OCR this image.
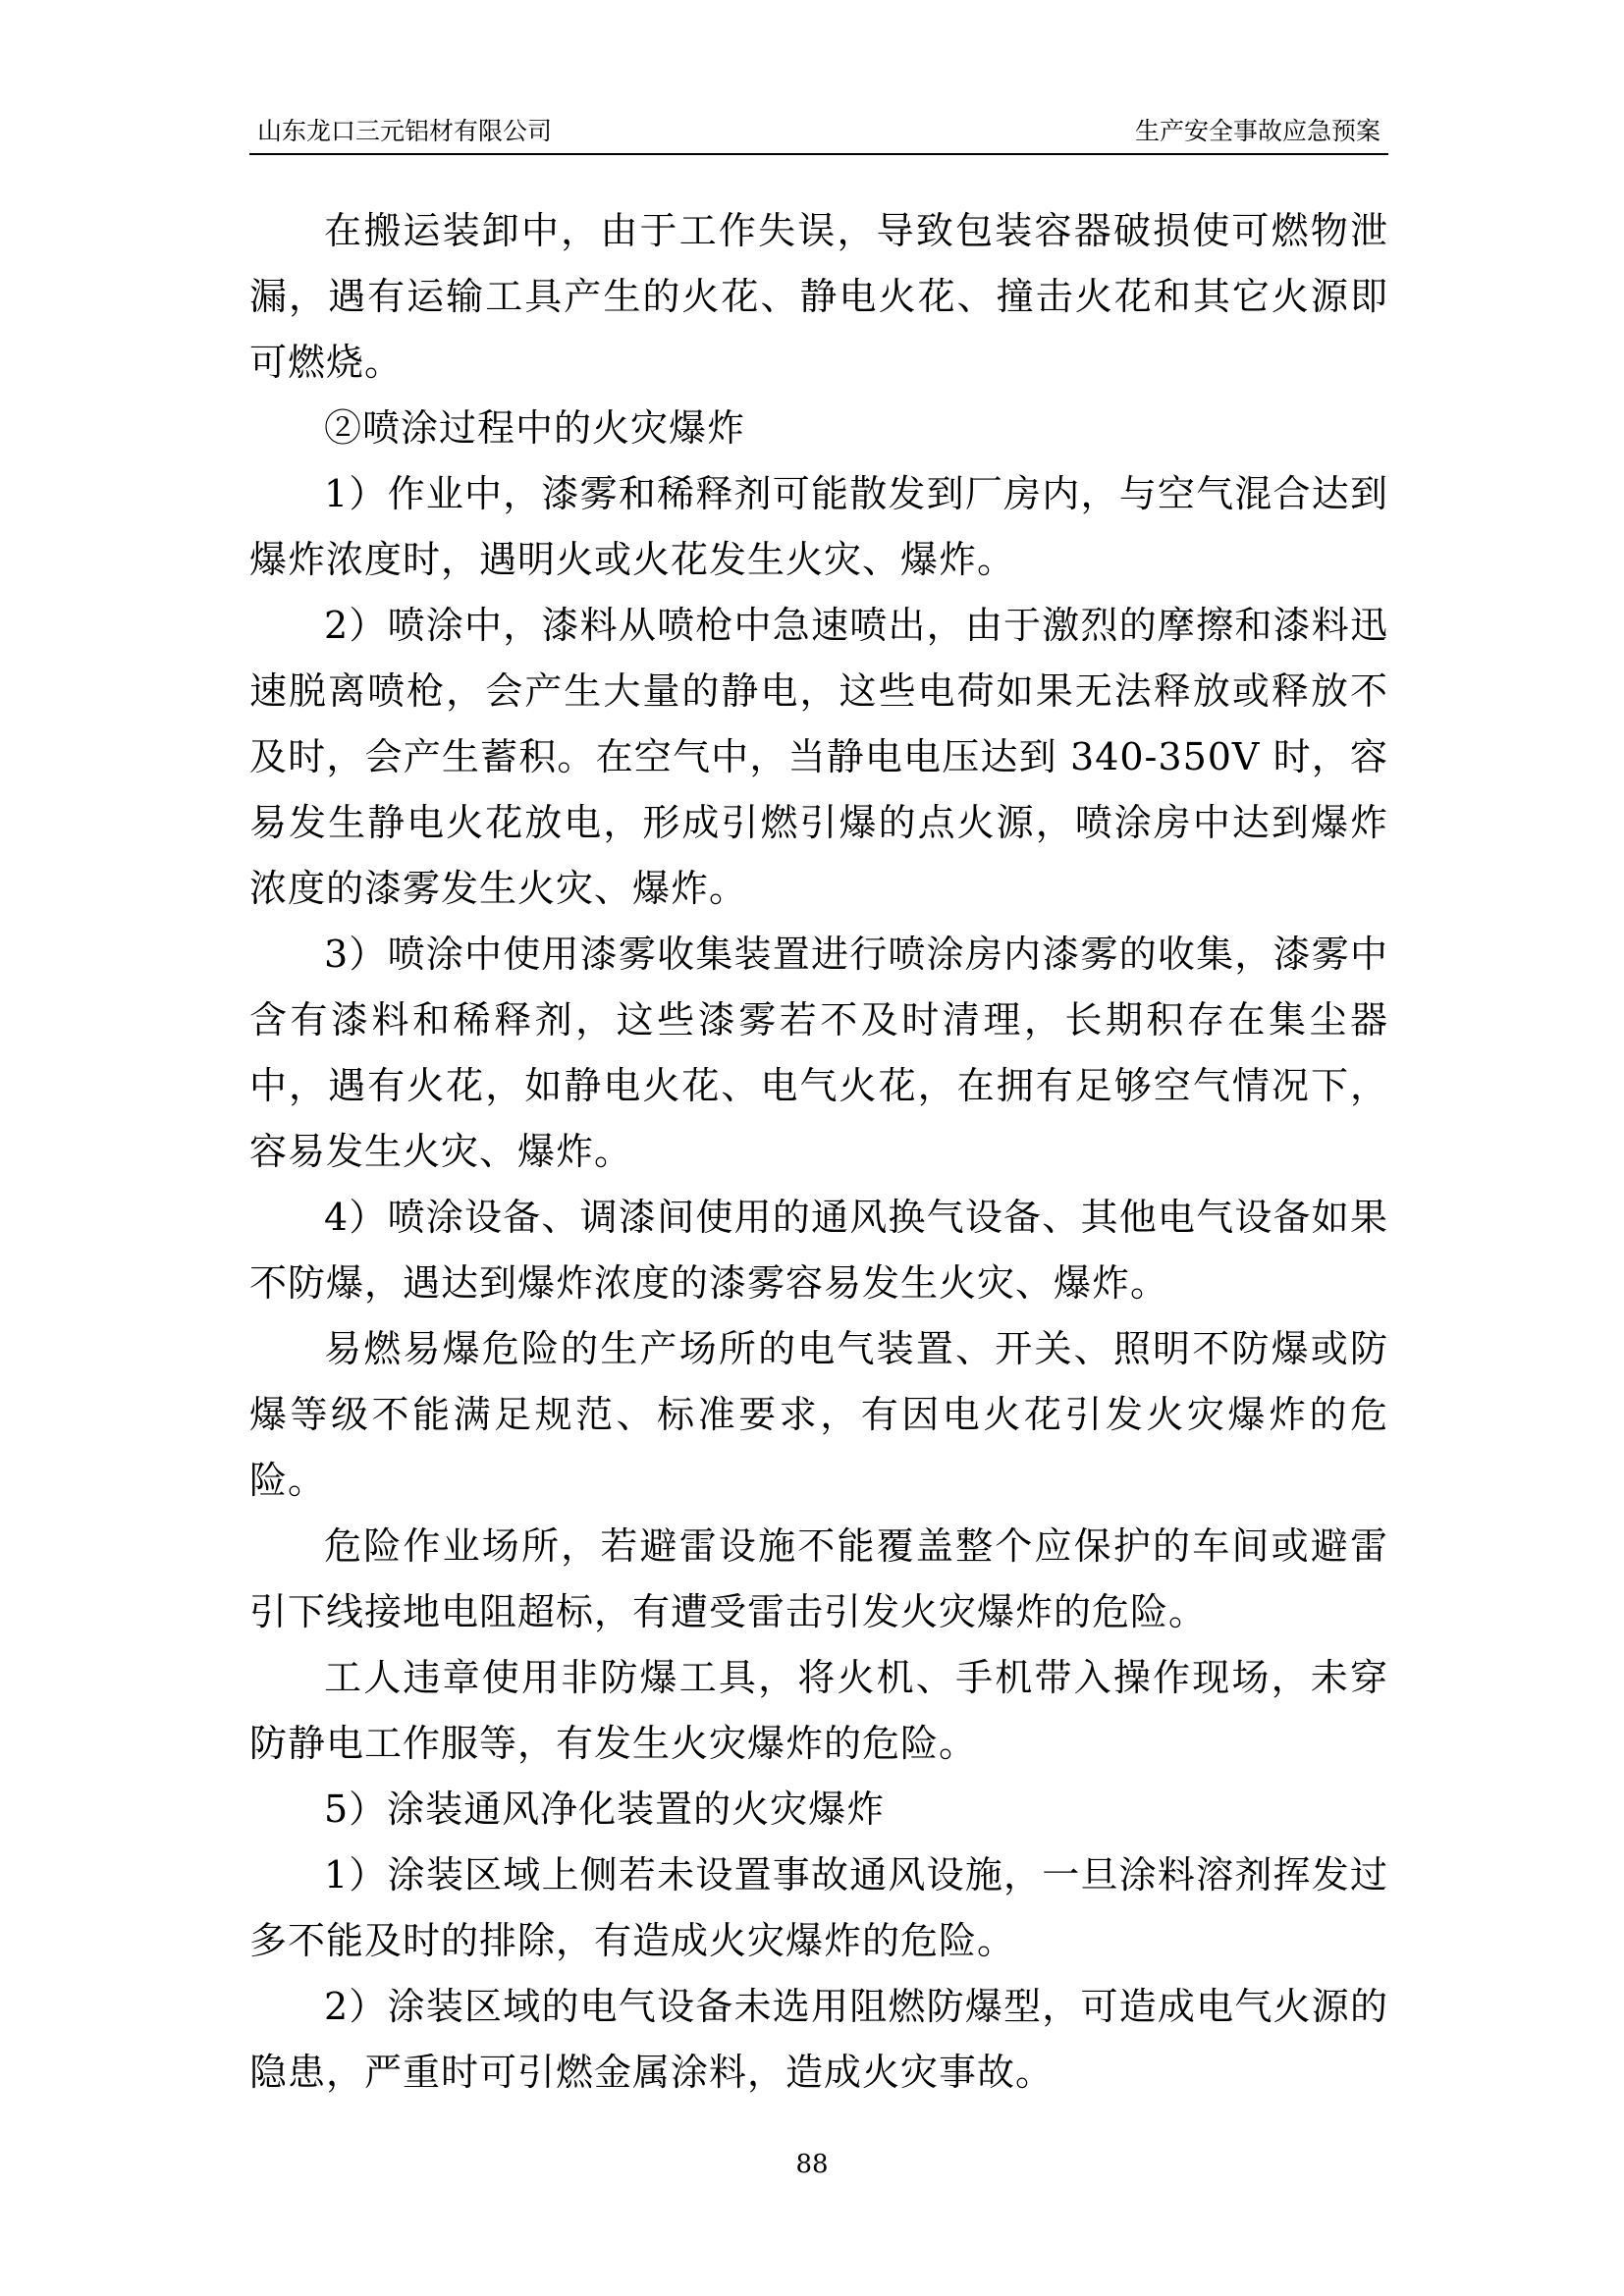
山东龙口三元铝材有限公司	生产安全事故应急预案

在搬运装卸中，由于工作失误，导致包装容器破损使可燃物泄漏，遇有运输工具产生的火花、静电火花、撞击火花和其它火源即可燃烧。

②喷涂过程中的火灾爆炸

1）作业中，漆雾和稀释剂可能散发到厂房内，与空气混合达到爆炸浓度时，遇明火或火花发生火灾、爆炸。

2）喷涂中，漆料从喷枪中急速喷出，由于激烈的摩擦和漆料迅速脱离喷枪，会产生大量的静电，这些电荷如果无法释放或释放不及时，会产生蓄积。在空气中，当静电电压达到 340-350V 时，容易发生静电火花放电，形成引燃引爆的点火源，喷涂房中达到爆炸浓度的漆雾发生火灾、爆炸。

3）喷涂中使用漆雾收集装置进行喷涂房内漆雾的收集，漆雾中含有漆料和稀释剂，这些漆雾若不及时清理，长期积存在集尘器中，遇有火花，如静电火花、电气火花，在拥有足够空气情况下，容易发生火灾、爆炸。

4）喷涂设备、调漆间使用的通风换气设备、其他电气设备如果不防爆，遇达到爆炸浓度的漆雾容易发生火灾、爆炸。

易燃易爆危险的生产场所的电气装置、开关、照明不防爆或防爆等级不能满足规范、标准要求，有因电火花引发火灾爆炸的危险。

危险作业场所，若避雷设施不能覆盖整个应保护的车间或避雷引下线接地电阻超标，有遭受雷击引发火灾爆炸的危险。

工人违章使用非防爆工具，将火机、手机带入操作现场，未穿防静电工作服等，有发生火灾爆炸的危险。

5）涂装通风净化装置的火灾爆炸

1）涂装区域上侧若未设置事故通风设施，一旦涂料溶剂挥发过多不能及时的排除，有造成火灾爆炸的危险。

2）涂装区域的电气设备未选用阻燃防爆型，可造成电气火源的隐患，严重时可引燃金属涂料，造成火灾事故。

88
